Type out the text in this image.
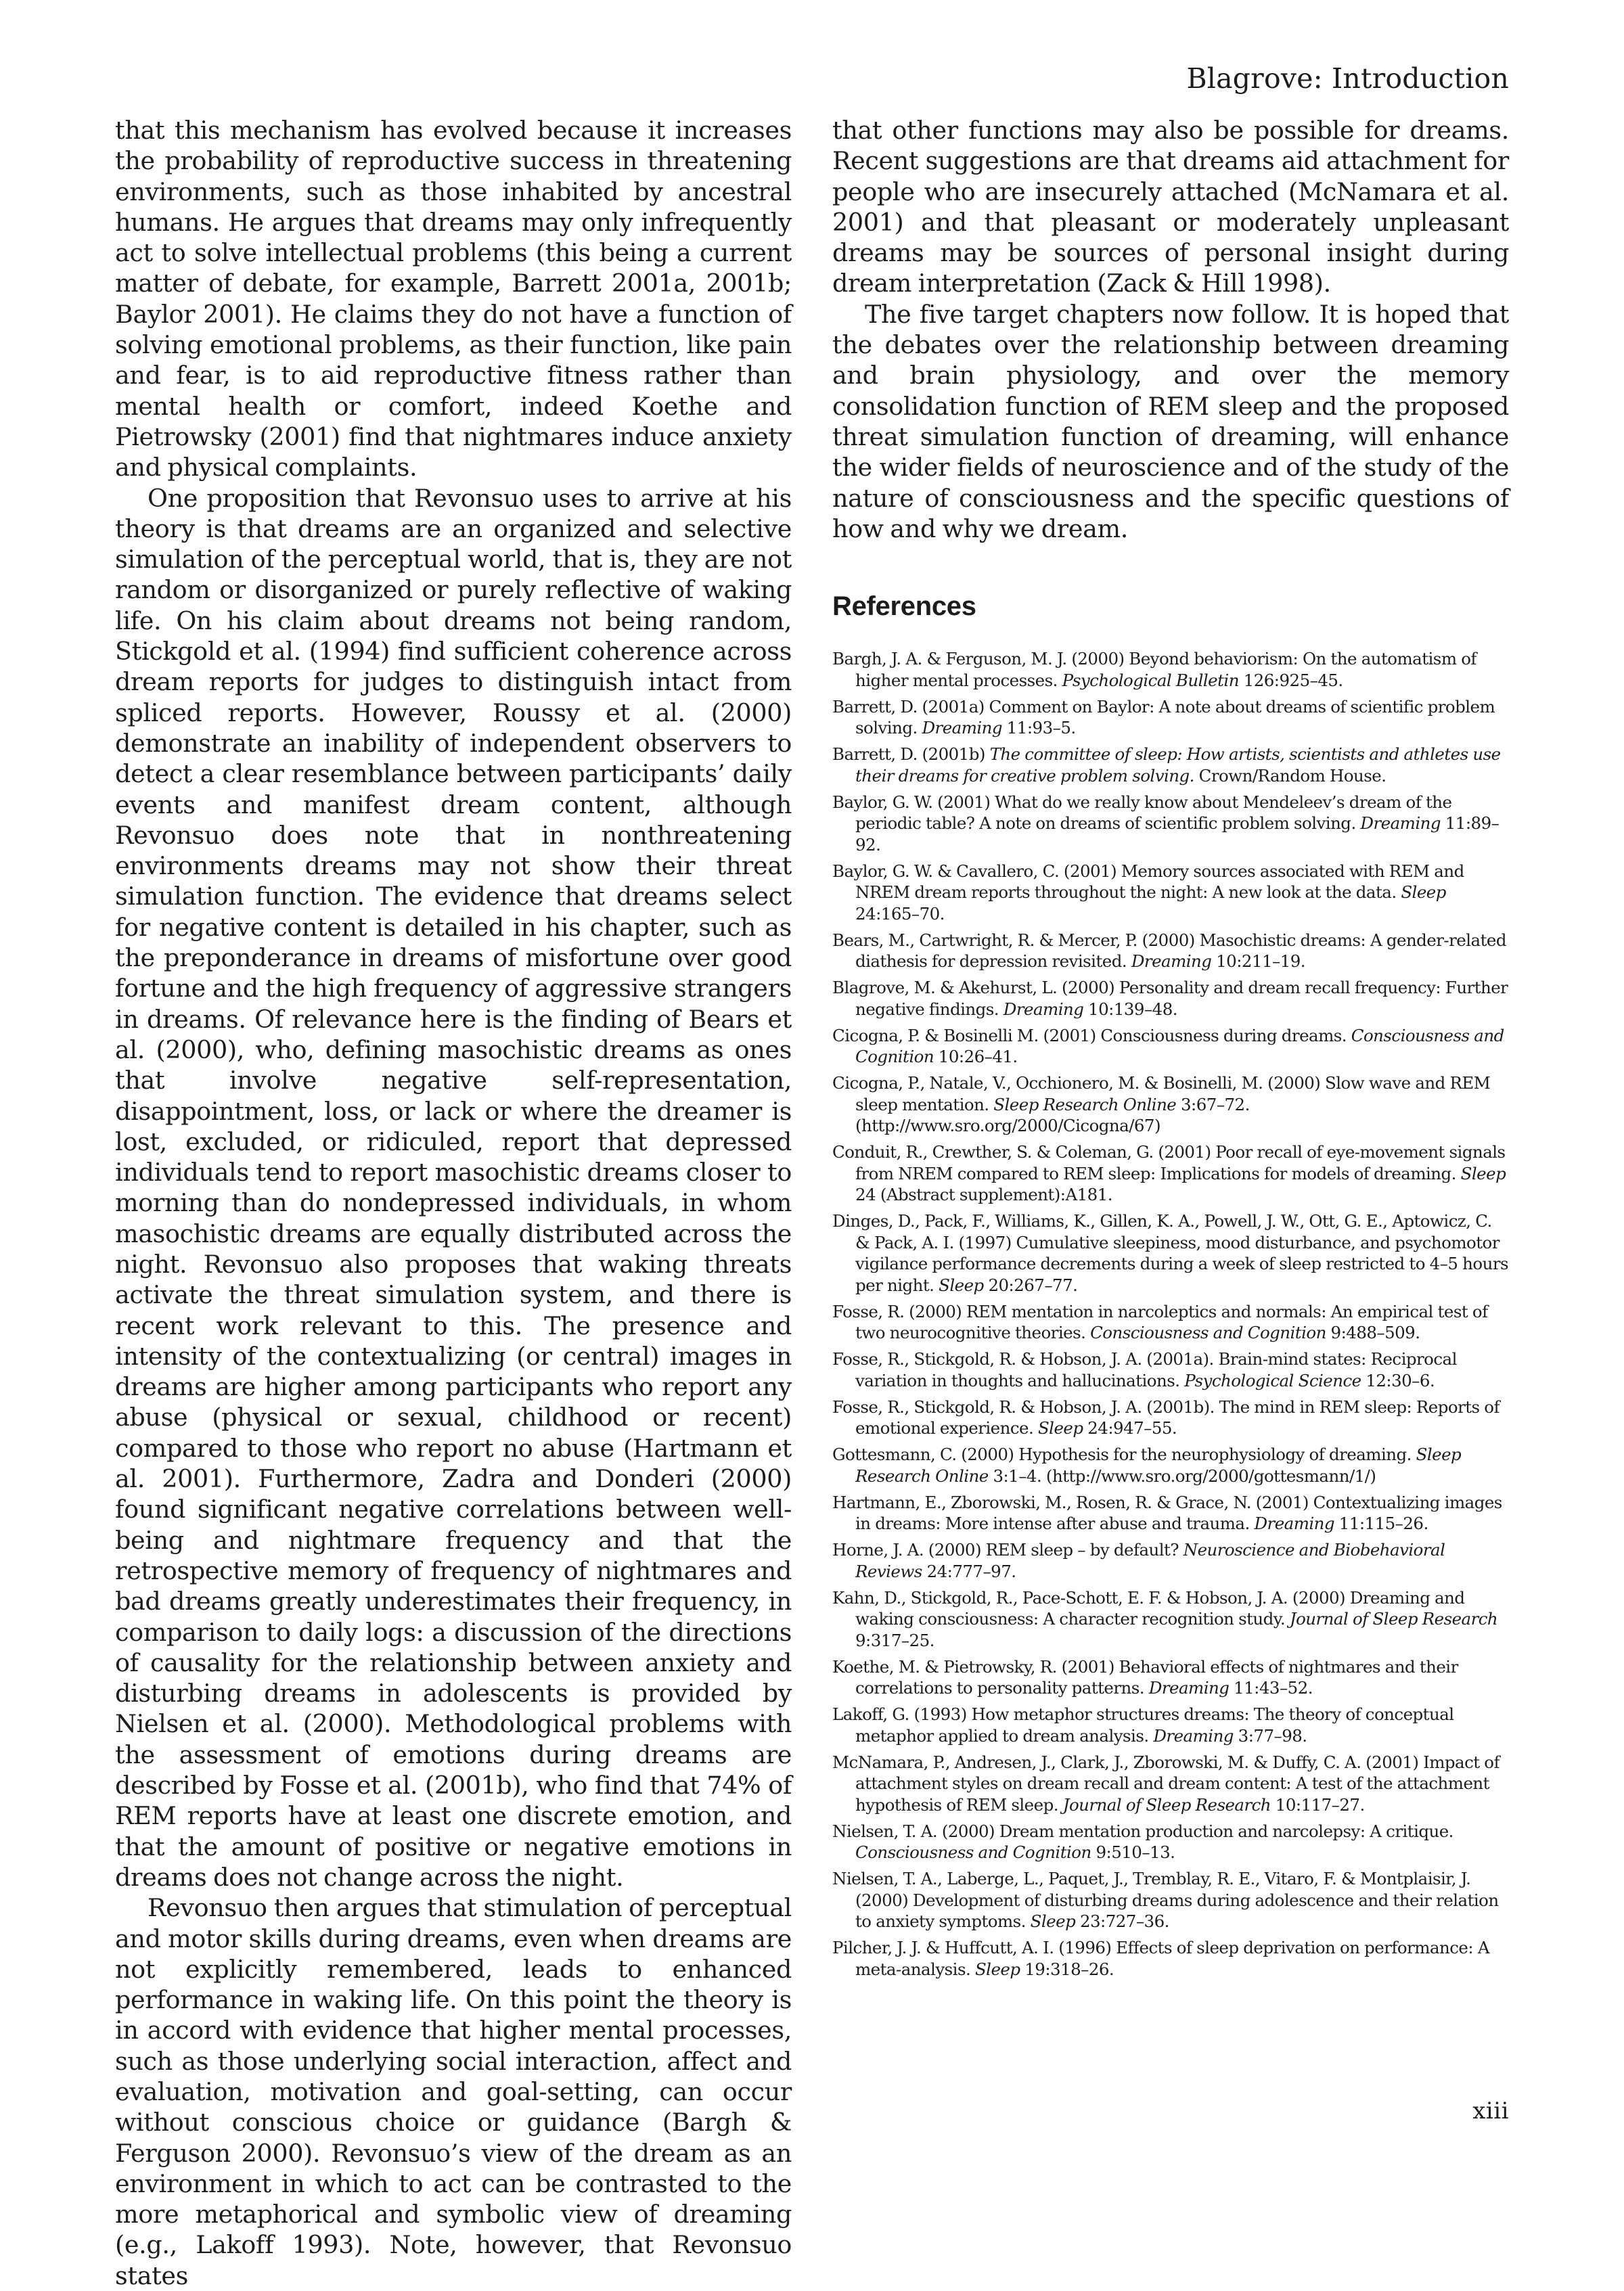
Blagrove: Introduction

that this mechanism has evolved because it increases the probability of reproductive success in threatening environments, such as those inhabited by ancestral humans. He argues that dreams may only infrequently act to solve intellectual problems (this being a current matter of debate, for example, Barrett 2001a, 2001b; Baylor 2001). He claims they do not have a function of solving emotional problems, as their function, like pain and fear, is to aid reproductive fitness rather than mental health or comfort, indeed Koethe and Pietrowsky (2001) find that nightmares induce anxiety and physical complaints.

One proposition that Revonsuo uses to arrive at his theory is that dreams are an organized and selective simulation of the perceptual world, that is, they are not random or disorganized or purely reflective of waking life. On his claim about dreams not being random, Stickgold et al. (1994) find sufficient coherence across dream reports for judges to distinguish intact from spliced reports. However, Roussy et al. (2000) demonstrate an inability of independent observers to detect a clear resemblance between participants’ daily events and manifest dream content, although Revonsuo does note that in nonthreatening environments dreams may not show their threat simulation function. The evidence that dreams select for negative content is detailed in his chapter, such as the preponderance in dreams of misfortune over good fortune and the high frequency of aggressive strangers in dreams. Of relevance here is the finding of Bears et al. (2000), who, defining masochistic dreams as ones that involve negative self-representation, disappointment, loss, or lack or where the dreamer is lost, excluded, or ridiculed, report that depressed individuals tend to report masochistic dreams closer to morning than do nondepressed individuals, in whom masochistic dreams are equally distributed across the night. Revonsuo also proposes that waking threats activate the threat simulation system, and there is recent work relevant to this. The presence and intensity of the contextualizing (or central) images in dreams are higher among participants who report any abuse (physical or sexual, childhood or recent) compared to those who report no abuse (Hartmann et al. 2001). Furthermore, Zadra and Donderi (2000) found significant negative correlations between well-being and nightmare frequency and that the retrospective memory of frequency of nightmares and bad dreams greatly underestimates their frequency, in comparison to daily logs: a discussion of the directions of causality for the relationship between anxiety and disturbing dreams in adolescents is provided by Nielsen et al. (2000). Methodological problems with the assessment of emotions during dreams are described by Fosse et al. (2001b), who find that 74% of REM reports have at least one discrete emotion, and that the amount of positive or negative emotions in dreams does not change across the night.

Revonsuo then argues that stimulation of perceptual and motor skills during dreams, even when dreams are not explicitly remembered, leads to enhanced performance in waking life. On this point the theory is in accord with evidence that higher mental processes, such as those underlying social interaction, affect and evaluation, motivation and goal-setting, can occur without conscious choice or guidance (Bargh & Ferguson 2000). Revonsuo’s view of the dream as an environment in which to act can be contrasted to the more metaphorical and symbolic view of dreaming (e.g., Lakoff 1993). Note, however, that Revonsuo states

that other functions may also be possible for dreams. Recent suggestions are that dreams aid attachment for people who are insecurely attached (McNamara et al. 2001) and that pleasant or moderately unpleasant dreams may be sources of personal insight during dream interpretation (Zack & Hill 1998).

The five target chapters now follow. It is hoped that the debates over the relationship between dreaming and brain physiology, and over the memory consolidation function of REM sleep and the proposed threat simulation function of dreaming, will enhance the wider fields of neuroscience and of the study of the nature of consciousness and the specific questions of how and why we dream.

References

Bargh, J. A. & Ferguson, M. J. (2000) Beyond behaviorism: On the automatism of higher mental processes. Psychological Bulletin 126:925–45.

Barrett, D. (2001a) Comment on Baylor: A note about dreams of scientific problem solving. Dreaming 11:93–5.

Barrett, D. (2001b) The committee of sleep: How artists, scientists and athletes use their dreams for creative problem solving. Crown/Random House.

Baylor, G. W. (2001) What do we really know about Mendeleev’s dream of the periodic table? A note on dreams of scientific problem solving. Dreaming 11:89–92.

Baylor, G. W. & Cavallero, C. (2001) Memory sources associated with REM and NREM dream reports throughout the night: A new look at the data. Sleep 24:165–70.

Bears, M., Cartwright, R. & Mercer, P. (2000) Masochistic dreams: A gender-related diathesis for depression revisited. Dreaming 10:211–19.

Blagrove, M. & Akehurst, L. (2000) Personality and dream recall frequency: Further negative findings. Dreaming 10:139–48.

Cicogna, P. & Bosinelli M. (2001) Consciousness during dreams. Consciousness and Cognition 10:26–41.

Cicogna, P., Natale, V., Occhionero, M. & Bosinelli, M. (2000) Slow wave and REM sleep mentation. Sleep Research Online 3:67–72. (http://www.sro.org/2000/Cicogna/67)

Conduit, R., Crewther, S. & Coleman, G. (2001) Poor recall of eye-movement signals from NREM compared to REM sleep: Implications for models of dreaming. Sleep 24 (Abstract supplement):A181.

Dinges, D., Pack, F., Williams, K., Gillen, K. A., Powell, J. W., Ott, G. E., Aptowicz, C. & Pack, A. I. (1997) Cumulative sleepiness, mood disturbance, and psychomotor vigilance performance decrements during a week of sleep restricted to 4–5 hours per night. Sleep 20:267–77.

Fosse, R. (2000) REM mentation in narcoleptics and normals: An empirical test of two neurocognitive theories. Consciousness and Cognition 9:488–509.

Fosse, R., Stickgold, R. & Hobson, J. A. (2001a). Brain-mind states: Reciprocal variation in thoughts and hallucinations. Psychological Science 12:30–6.

Fosse, R., Stickgold, R. & Hobson, J. A. (2001b). The mind in REM sleep: Reports of emotional experience. Sleep 24:947–55.

Gottesmann, C. (2000) Hypothesis for the neurophysiology of dreaming. Sleep Research Online 3:1–4. (http://www.sro.org/2000/gottesmann/1/)

Hartmann, E., Zborowski, M., Rosen, R. & Grace, N. (2001) Contextualizing images in dreams: More intense after abuse and trauma. Dreaming 11:115–26.

Horne, J. A. (2000) REM sleep – by default? Neuroscience and Biobehavioral Reviews 24:777–97.

Kahn, D., Stickgold, R., Pace-Schott, E. F. & Hobson, J. A. (2000) Dreaming and waking consciousness: A character recognition study. Journal of Sleep Research 9:317–25.

Koethe, M. & Pietrowsky, R. (2001) Behavioral effects of nightmares and their correlations to personality patterns. Dreaming 11:43–52.

Lakoff, G. (1993) How metaphor structures dreams: The theory of conceptual metaphor applied to dream analysis. Dreaming 3:77–98.

McNamara, P., Andresen, J., Clark, J., Zborowski, M. & Duffy, C. A. (2001) Impact of attachment styles on dream recall and dream content: A test of the attachment hypothesis of REM sleep. Journal of Sleep Research 10:117–27.

Nielsen, T. A. (2000) Dream mentation production and narcolepsy: A critique. Consciousness and Cognition 9:510–13.

Nielsen, T. A., Laberge, L., Paquet, J., Tremblay, R. E., Vitaro, F. & Montplaisir, J. (2000) Development of disturbing dreams during adolescence and their relation to anxiety symptoms. Sleep 23:727–36.

Pilcher, J. J. & Huffcutt, A. I. (1996) Effects of sleep deprivation on performance: A meta-analysis. Sleep 19:318–26.

xiii
